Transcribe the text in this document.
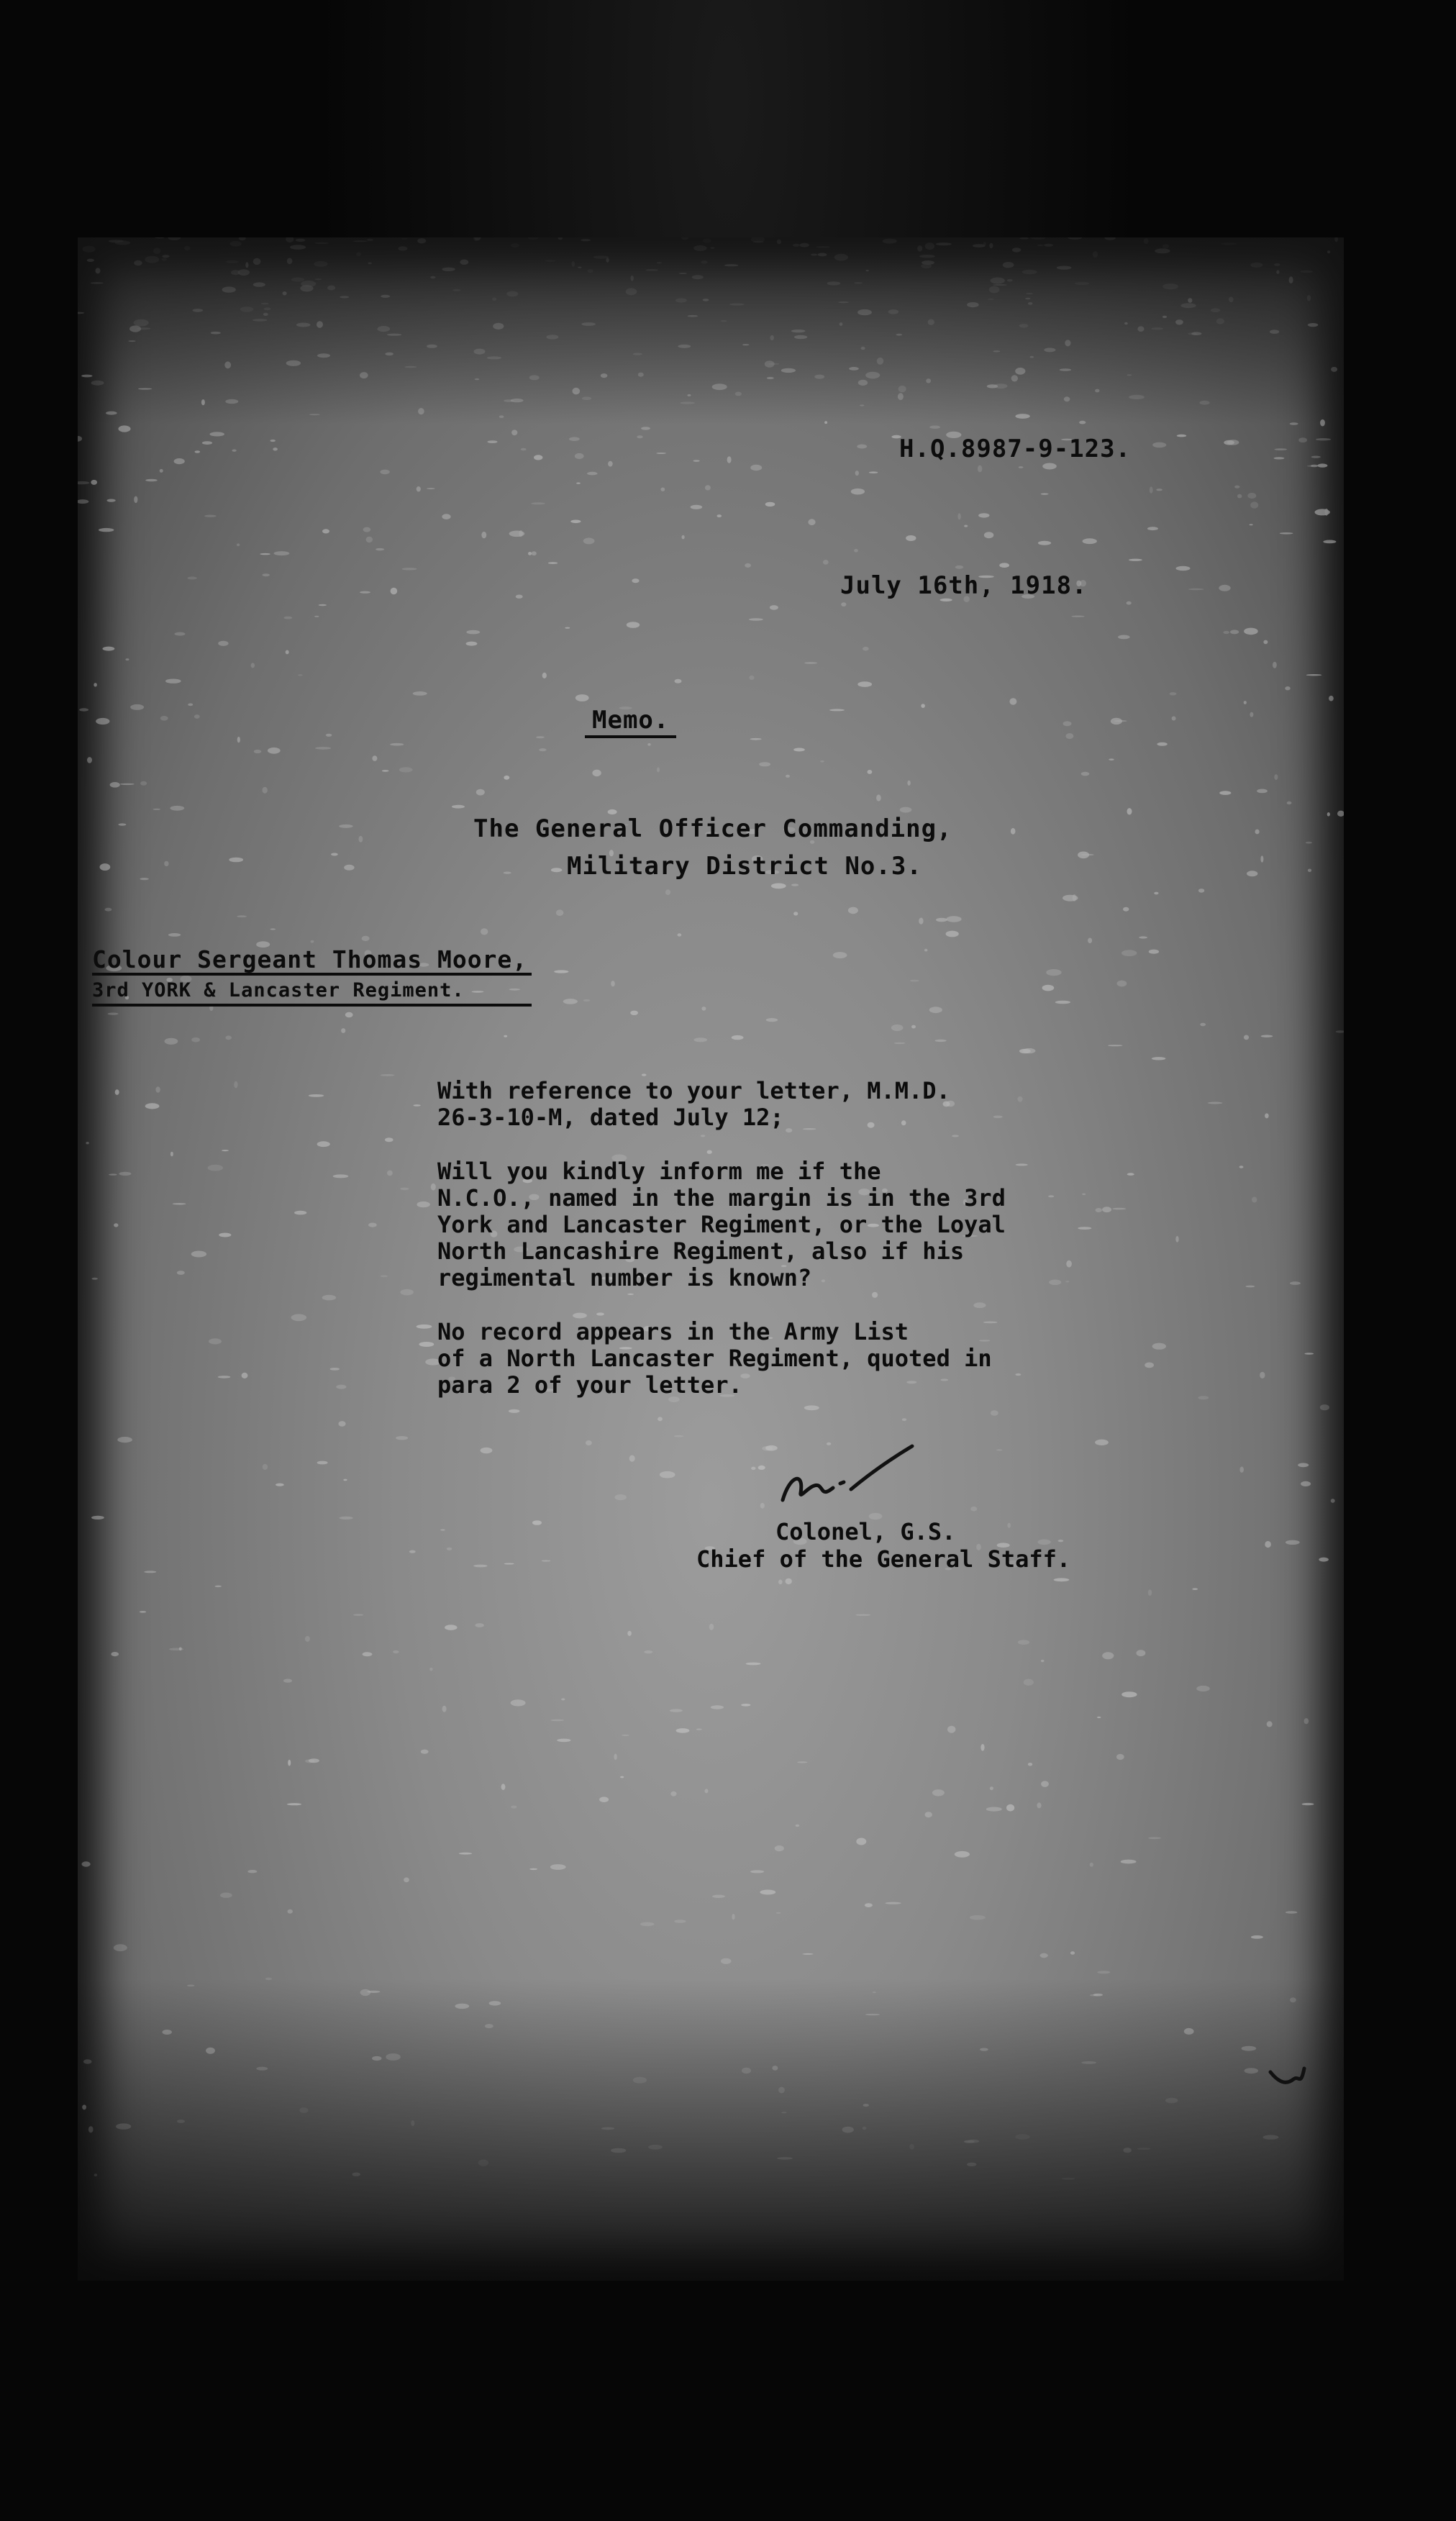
H.Q.8987-9-123.
July 16th, 1918.
Memo.
The General Officer Commanding,
Military District No.3.
Colour Sergeant Thomas Moore,
3rd YORK & Lancaster Regiment.

With reference to your letter, M.M.D.
26-3-10-M, dated July 12;

Will you kindly inform me if the
N.C.O., named in the margin is in the 3rd
York and Lancaster Regiment, or the Loyal
North Lancashire Regiment, also if his
regimental number is known?

No record appears in the Army List
of a North Lancaster Regiment, quoted in
para 2 of your letter.

Colonel, G.S.
Chief of the General Staff.
